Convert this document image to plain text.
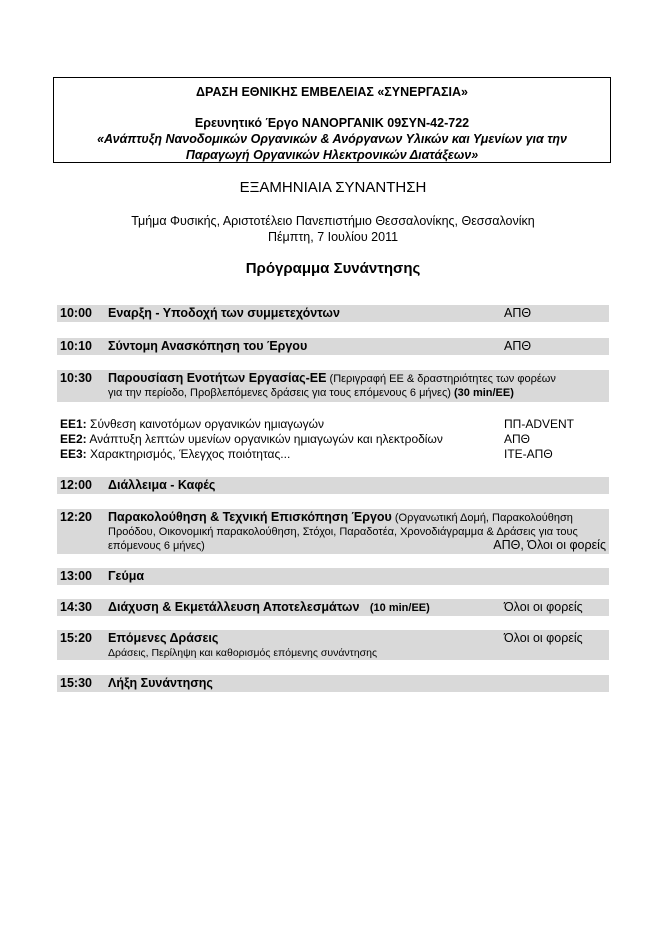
ΔΡΑΣΗ ΕΘΝΙΚΗΣ ΕΜΒΕΛΕΙΑΣ «ΣΥΝΕΡΓΑΣΙΑ»
Ερευνητικό Έργο ΝΑΝΟΡΓΑΝΙΚ 09ΣΥΝ-42-722
«Ανάπτυξη Νανοδομικών Οργανικών & Ανόργανων Υλικών και Υμενίων για την
Παραγωγή Οργανικών Ηλεκτρονικών Διατάξεων»
ΕΞΑΜΗΝΙΑΙΑ ΣΥΝΑΝΤΗΣΗ
Τμήμα Φυσικής, Αριστοτέλειο Πανεπιστήμιο Θεσσαλονίκης, Θεσσαλονίκη
Πέμπτη, 7 Ιουλίου 2011
Πρόγραμμα Συνάντησης
10:00 Εναρξη - Υποδοχή των συμμετεχόντων	ΑΠΘ
10:10 Σύντομη Ανασκόπηση του Έργου	ΑΠΘ
10:30 Παρουσίαση Ενοτήτων Εργασίας-ΕΕ (Περιγραφή ΕΕ & δραστηριότητες των φορέων
για την περίοδο, Προβλεπόμενες δράσεις για τους επόμενους 6 μήνες) (30 min/EE)
ΕΕ1: Σύνθεση καινοτόμων οργανικών ημιαγωγών	ΠΠ-ADVENT
ΕΕ2: Ανάπτυξη λεπτών υμενίων οργανικών ημιαγωγών και ηλεκτροδίων	ΑΠΘ
ΕΕ3: Χαρακτηρισμός, Έλεγχος ποιότητας...	ΙΤΕ-ΑΠΘ
12:00 Διάλλειμα - Καφές
12:20 Παρακολούθηση & Τεχνική Επισκόπηση Έργου (Οργανωτική Δομή, Παρακολούθηση
Προόδου, Οικονομική παρακολούθηση, Στόχοι, Παραδοτέα, Χρονοδιάγραμμα & Δράσεις για τους
επόμενους 6 μήνες)	ΑΠΘ, Όλοι οι φορείς
13:00 Γεύμα
14:30 Διάχυση & Εκμετάλλευση Αποτελεσμάτων (10 min/EE)	Όλοι οι φορείς
15:20 Επόμενες Δράσεις	Όλοι οι φορείς
Δράσεις, Περίληψη και καθορισμός επόμενης συνάντησης
15:30 Λήξη Συνάντησης
